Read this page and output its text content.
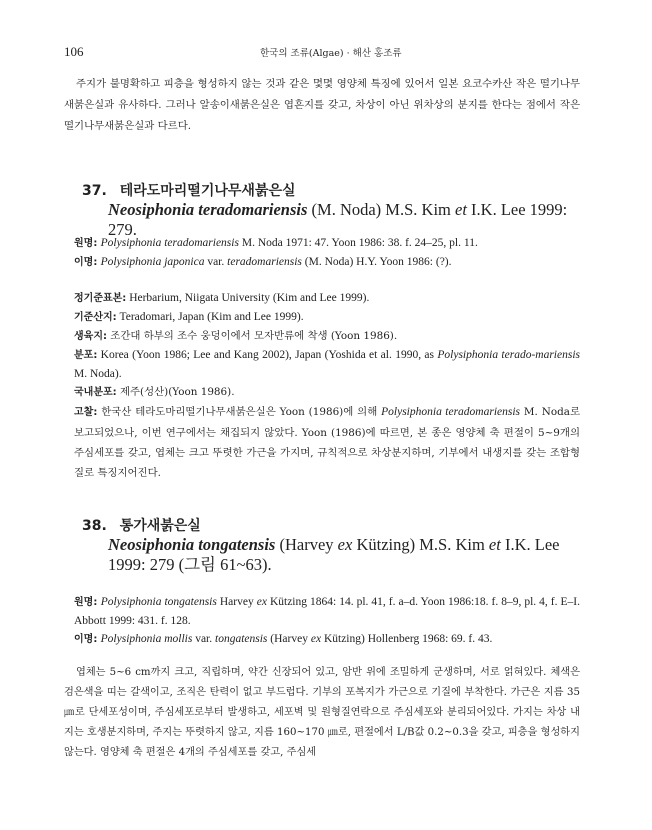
106	한국의 조류(Algae) · 해산 홍조류

주지가 불명확하고 피층을 형성하지 않는 것과 같은 몇몇 영양체 특징에 있어서 일본 요코수카산 작은 떨기나무새붉은실과 유사하다. 그러나 알송이새붉은실은 엽흔지를 갖고, 차상이 아닌 위차상의 분지를 한다는 점에서 작은떨기나무새붉은실과 다르다.

37. 테라도마리떨기나무새붉은실
Neosiphonia teradomariensis (M. Noda) M.S. Kim et I.K. Lee 1999: 279.

원명: Polysiphonia teradomariensis M. Noda 1971: 47. Yoon 1986: 38. f. 24–25, pl. 11.

이명: Polysiphonia japonica var. teradomariensis (M. Noda) H.Y. Yoon 1986: (?).

정기준표본: Herbarium, Niigata University (Kim and Lee 1999).

기준산지: Teradomari, Japan (Kim and Lee 1999).

생육지: 조간대 하부의 조수 웅덩이에서 모자반류에 착생 (Yoon 1986).

분포: Korea (Yoon 1986; Lee and Kang 2002), Japan (Yoshida et al. 1990, as Polysiphonia terado-mariensis M. Noda).

국내분포: 제주(성산)(Yoon 1986).

고찰: 한국산 테라도마리떨기나무새붉은실은 Yoon (1986)에 의해 Polysiphonia teradomariensis M. Noda로 보고되었으나, 이번 연구에서는 채집되지 않았다. Yoon (1986)에 따르면, 본 종은 영양체 축 편절이 5~9개의 주심세포를 갖고, 엽체는 크고 뚜렷한 가근을 가지며, 규칙적으로 차상분지하며, 기부에서 내생지를 갖는 조합형질로 특징지어진다.

38. 통가새붉은실
Neosiphonia tongatensis (Harvey ex Kützing) M.S. Kim et I.K. Lee
1999: 279 (그림 61~63).

원명: Polysiphonia tongatensis Harvey ex Kützing 1864: 14. pl. 41, f. a–d. Yoon 1986:18. f. 8–9, pl. 4, f. E–I. Abbott 1999: 431. f. 128.

이명: Polysiphonia mollis var. tongatensis (Harvey ex Kützing) Hollenberg 1968: 69. f. 43.

엽체는 5~6 cm까지 크고, 직립하며, 약간 신장되어 있고, 암반 위에 조밀하게 군생하며, 서로 얽혀있다. 체색은 검은색을 띠는 갈색이고, 조직은 탄력이 없고 부드럽다. 기부의 포복지가 가근으로 기질에 부착한다. 가근은 지름 35 ㎛로 단세포성이며, 주심세포로부터 발생하고, 세포벽 및 원형질연락으로 주심세포와 분리되어있다. 가지는 차상 내지는 호생분지하며, 주지는 뚜렷하지 않고, 지름 160~170 ㎛로, 편절에서 L/B값 0.2~0.3을 갖고, 피층을 형성하지 않는다. 영양체 축 편절은 4개의 주심세포를 갖고, 주심세
